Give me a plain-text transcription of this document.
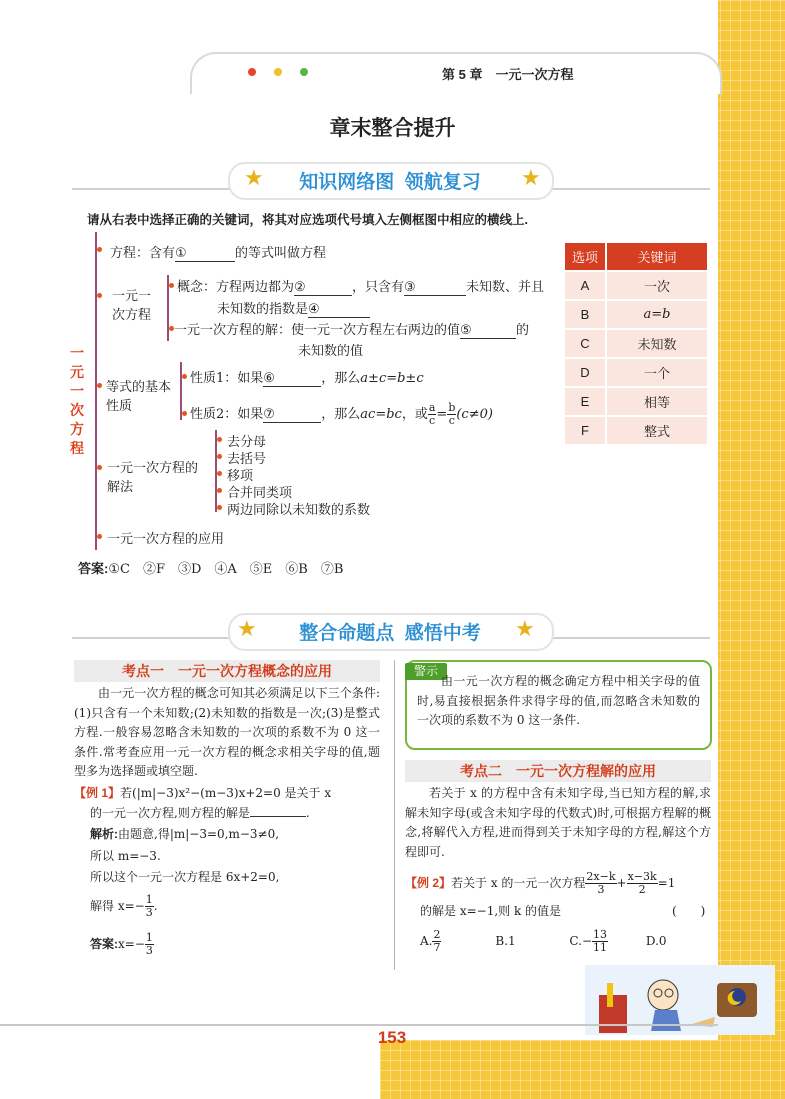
第 5 章　一元一次方程
章末整合提升
★	★
知识网络图  领航复习
请从右表中选择正确的关键词，将其对应选项代号填入左侧框图中相应的横线上.
一元一次方程
方程：含有①	的等式叫做方程
一元一
次方程
概念：方程两边都为②	，只含有③	未知数、并且
未知数的指数是④
一元一次方程的解：使一元一次方程左右两边的值⑤	的
未知数的值
等式的基本
性质
性质1：如果⑥	，那么a±c=b±c
性质2：如果⑦	，那么ac=bc，或 $\frac{a}{c} = \frac{b}{c} (c\ne 0)$
一元一次方程的
解法
去分母
去括号
移项
合并同类项
两边同除以未知数的系数
一元一次方程的应用
选项	关键词
A	一次
B	a=b
C	未知数
D	一个
E	相等
F	整式
答案:①C　②F　③D　④A　⑤E　⑥B　⑦B
★	★
整合命题点  感悟中考
考点一　一元一次方程概念的应用
由一元一次方程的概念可知其必须满足以下三个条件:(1)只含有一个未知数;(2)未知数的指数是一次;(3)是整式方程.一般容易忽略含未知数的一次项的系数不为 0 这一条件.常考查应用一元一次方程的概念求相关字母的值,题型多为选择题或填空题.
【例 1】若(|m|−3)x²−(m−3)x+2=0 是关于 x
的一元一次方程,则方程的解是	.
解析:由题意,得|m|−3=0,m−3≠0,
所以 m=−3.
所以这个一元一次方程是 6x+2=0,
解得 $x=- \frac{1}{3}$ .
答案:x=− $\frac{1}{3}$
警示
由一元一次方程的概念确定方程中相关字母的值时,易直接根据条件求得字母的值,而忽略含未知数的一次项的系数不为 0 这一条件.
考点二　一元一次方程解的应用
若关于 x 的方程中含有未知字母,当已知方程的解,求解未知字母(或含未知字母的代数式)时,可根据方程解的概念,将解代入方程,进而得到关于未知字母的方程,解这个方程即可.
【例 2】若关于 x 的一元一次方程 $\frac{2x-k}{3} + \frac{x-3k}{2} =1$
的解是 x=−1,则 k 的值是	(　　)
A. $\frac{2}{7}$	B.1	$C.- \frac{13}{11}$	D.0
153
